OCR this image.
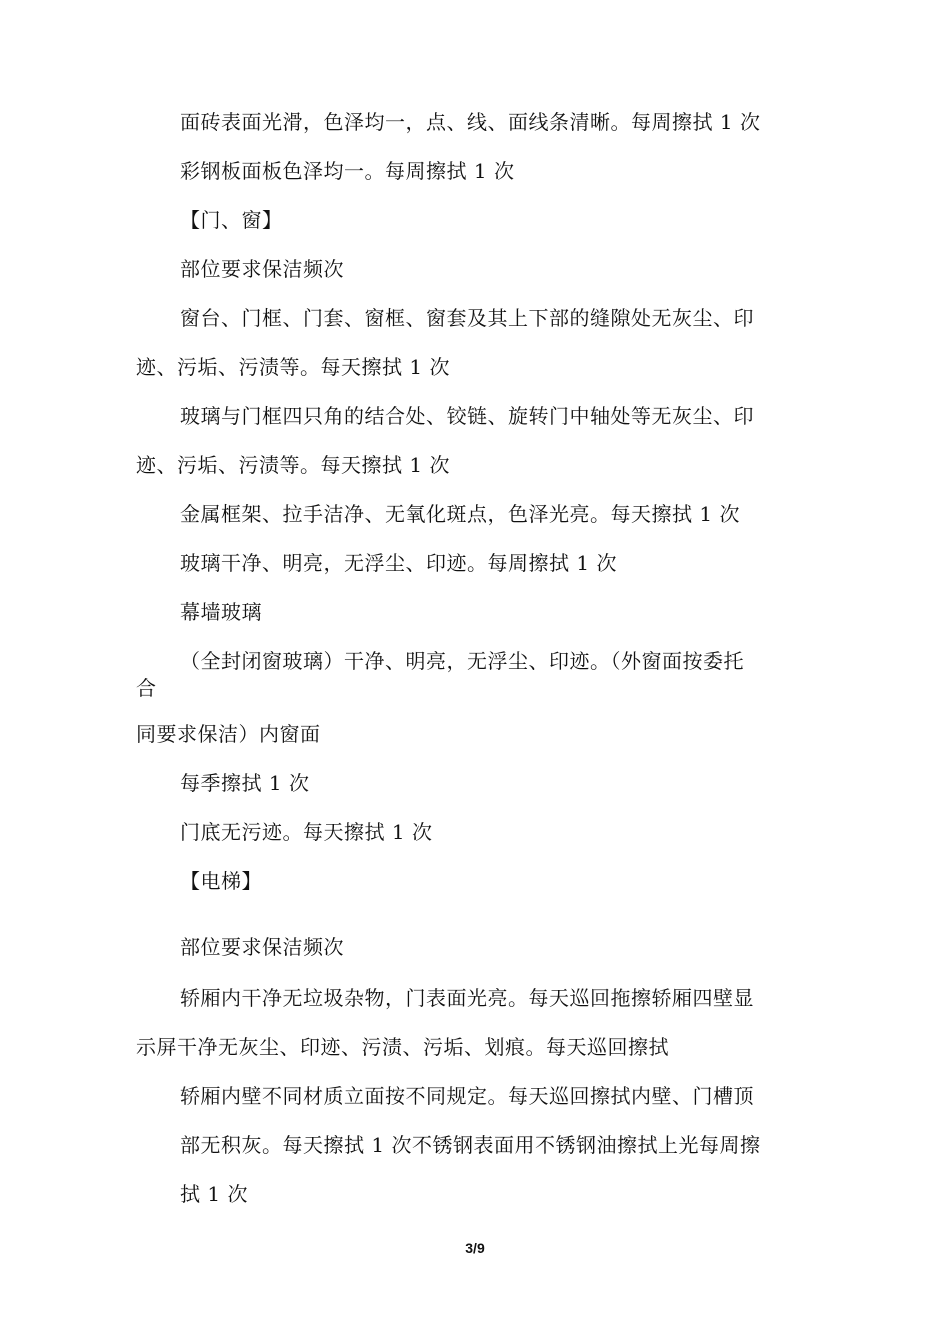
面砖表面光滑，色泽均一，点、线、面线条清晰。每周擦拭 1 次
彩钢板面板色泽均一。每周擦拭 1 次
【门、窗】
部位要求保洁频次
窗台、门框、门套、窗框、窗套及其上下部的缝隙处无灰尘、印
迹、污垢、污渍等。每天擦拭 1 次
玻璃与门框四只角的结合处、铰链、旋转门中轴处等无灰尘、印
迹、污垢、污渍等。每天擦拭 1 次
金属框架、拉手洁净、无氧化斑点，色泽光亮。每天擦拭 1 次
玻璃干净、明亮，无浮尘、印迹。每周擦拭 1 次
幕墙玻璃
（全封闭窗玻璃）干净、明亮，无浮尘、印迹。（外窗面按委托
合
同要求保洁）内窗面
每季擦拭 1 次
门底无污迹。每天擦拭 1 次
【电梯】
部位要求保洁频次
轿厢内干净无垃圾杂物，门表面光亮。每天巡回拖擦轿厢四壁显
示屏干净无灰尘、印迹、污渍、污垢、划痕。每天巡回擦拭
轿厢内壁不同材质立面按不同规定。每天巡回擦拭内壁、门槽顶
部无积灰。每天擦拭 1 次不锈钢表面用不锈钢油擦拭上光每周擦
拭 1 次
3/9
